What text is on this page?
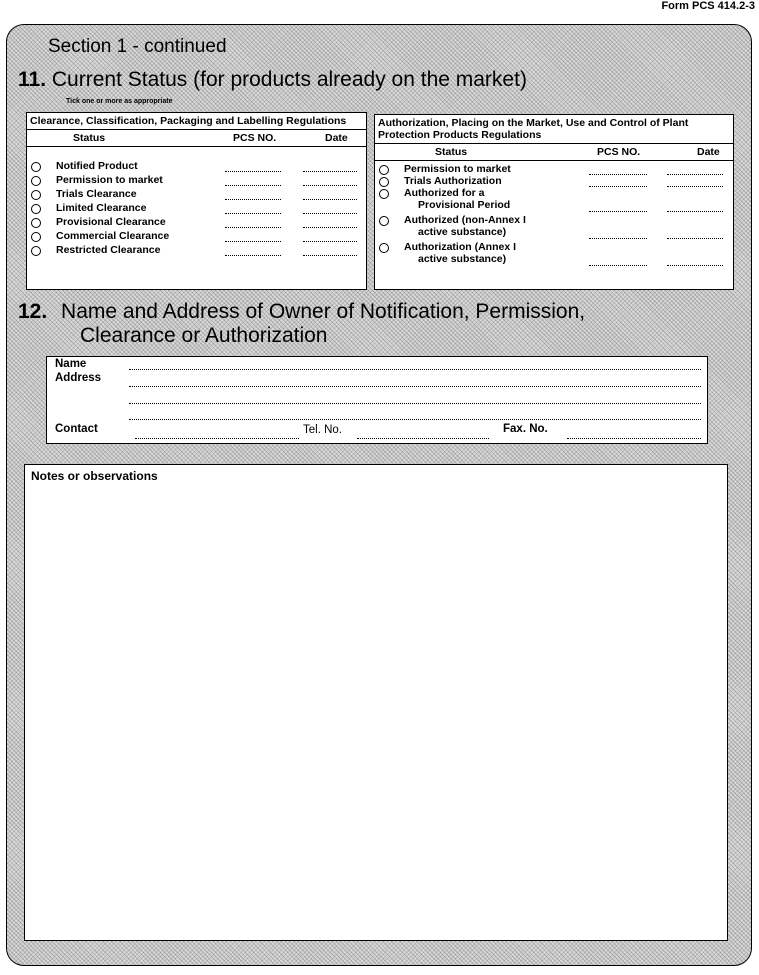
Form PCS 414.2-3
Section 1 - continued
11. Current Status (for products already on the market)
Tick one or more as appropriate
Clearance, Classification, Packaging and Labelling Regulations
Status	PCS NO.	Date
Notified Product
Permission to market
Trials Clearance
Limited Clearance
Provisional Clearance
Commercial Clearance
Restricted Clearance
Authorization, Placing on the Market, Use and Control of Plant Protection Products Regulations
Status	PCS NO.	Date
Permission to market
Trials Authorization
Authorized for a
Provisional Period
Authorized (non-Annex I
active substance)
Authorization (Annex I
active substance)
12. Name and Address of Owner of Notification, Permission,
Clearance or Authorization
Name
Address
Contact	Tel. No.	Fax. No.
Notes or observations
